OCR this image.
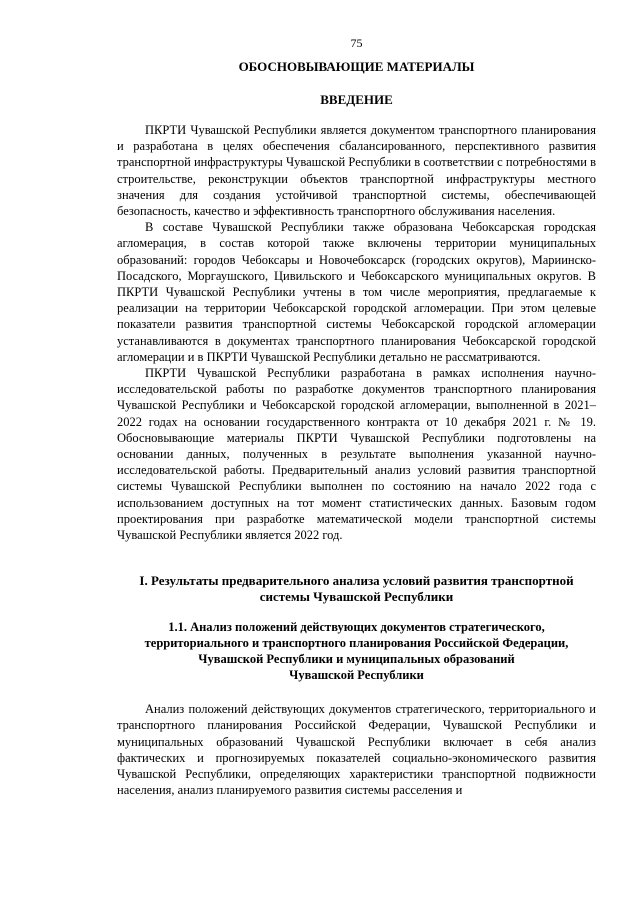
75
ОБОСНОВЫВАЮЩИЕ МАТЕРИАЛЫ
ВВЕДЕНИЕ

ПКРТИ Чувашской Республики является документом транспортного планирования и разработана в целях обеспечения сбалансированного, перспективного развития транспортной инфраструктуры Чувашской Республики в соответствии с потребностями в строительстве, реконструкции объектов транспортной инфраструктуры местного значения для создания устойчивой транспортной системы, обеспечивающей безопасность, качество и эффективность транспортного обслуживания населения.

В составе Чувашской Республики также образована Чебоксарская городская агломерация, в состав которой также включены территории муниципальных образований: городов Чебоксары и Новочебоксарск (городских округов), Мариинско-Посадского, Моргаушского, Цивильского и Чебоксарского муниципальных округов. В ПКРТИ Чувашской Республики учтены в том числе мероприятия, предлагаемые к реализации на территории Чебоксарской городской агломерации. При этом целевые показатели развития транспортной системы Чебоксарской городской агломерации устанавливаются в документах транспортного планирования Чебоксарской городской агломерации и в ПКРТИ Чувашской Республики детально не рассматриваются.

ПКРТИ Чувашской Республики разработана в рамках исполнения научно-исследовательской работы по разработке документов транспортного планирования Чувашской Республики и Чебоксарской городской агломерации, выполненной в 2021–2022 годах на основании государственного контракта от 10 декабря 2021 г. № 19. Обосновывающие материалы ПКРТИ Чувашской Республики подготовлены на основании данных, полученных в результате выполнения указанной научно-исследовательской работы. Предварительный анализ условий развития транспортной системы Чувашской Республики выполнен по состоянию на начало 2022 года с использованием доступных на тот момент статистических данных. Базовым годом проектирования при разработке математической модели транспортной системы Чувашской Республики является 2022 год.

I. Результаты предварительного анализа условий развития транспортной
системы Чувашской Республики
1.1. Анализ положений действующих документов стратегического,
территориального и транспортного планирования Российской Федерации,
Чувашской Республики и муниципальных образований
Чувашской Республики

Анализ положений действующих документов стратегического, территориального и транспортного планирования Российской Федерации, Чувашской Республики и муниципальных образований Чувашской Республики включает в себя анализ фактических и прогнозируемых показателей социально-экономического развития Чувашской Республики, определяющих характеристики транспортной подвижности населения, анализ планируемого развития системы расселения и
